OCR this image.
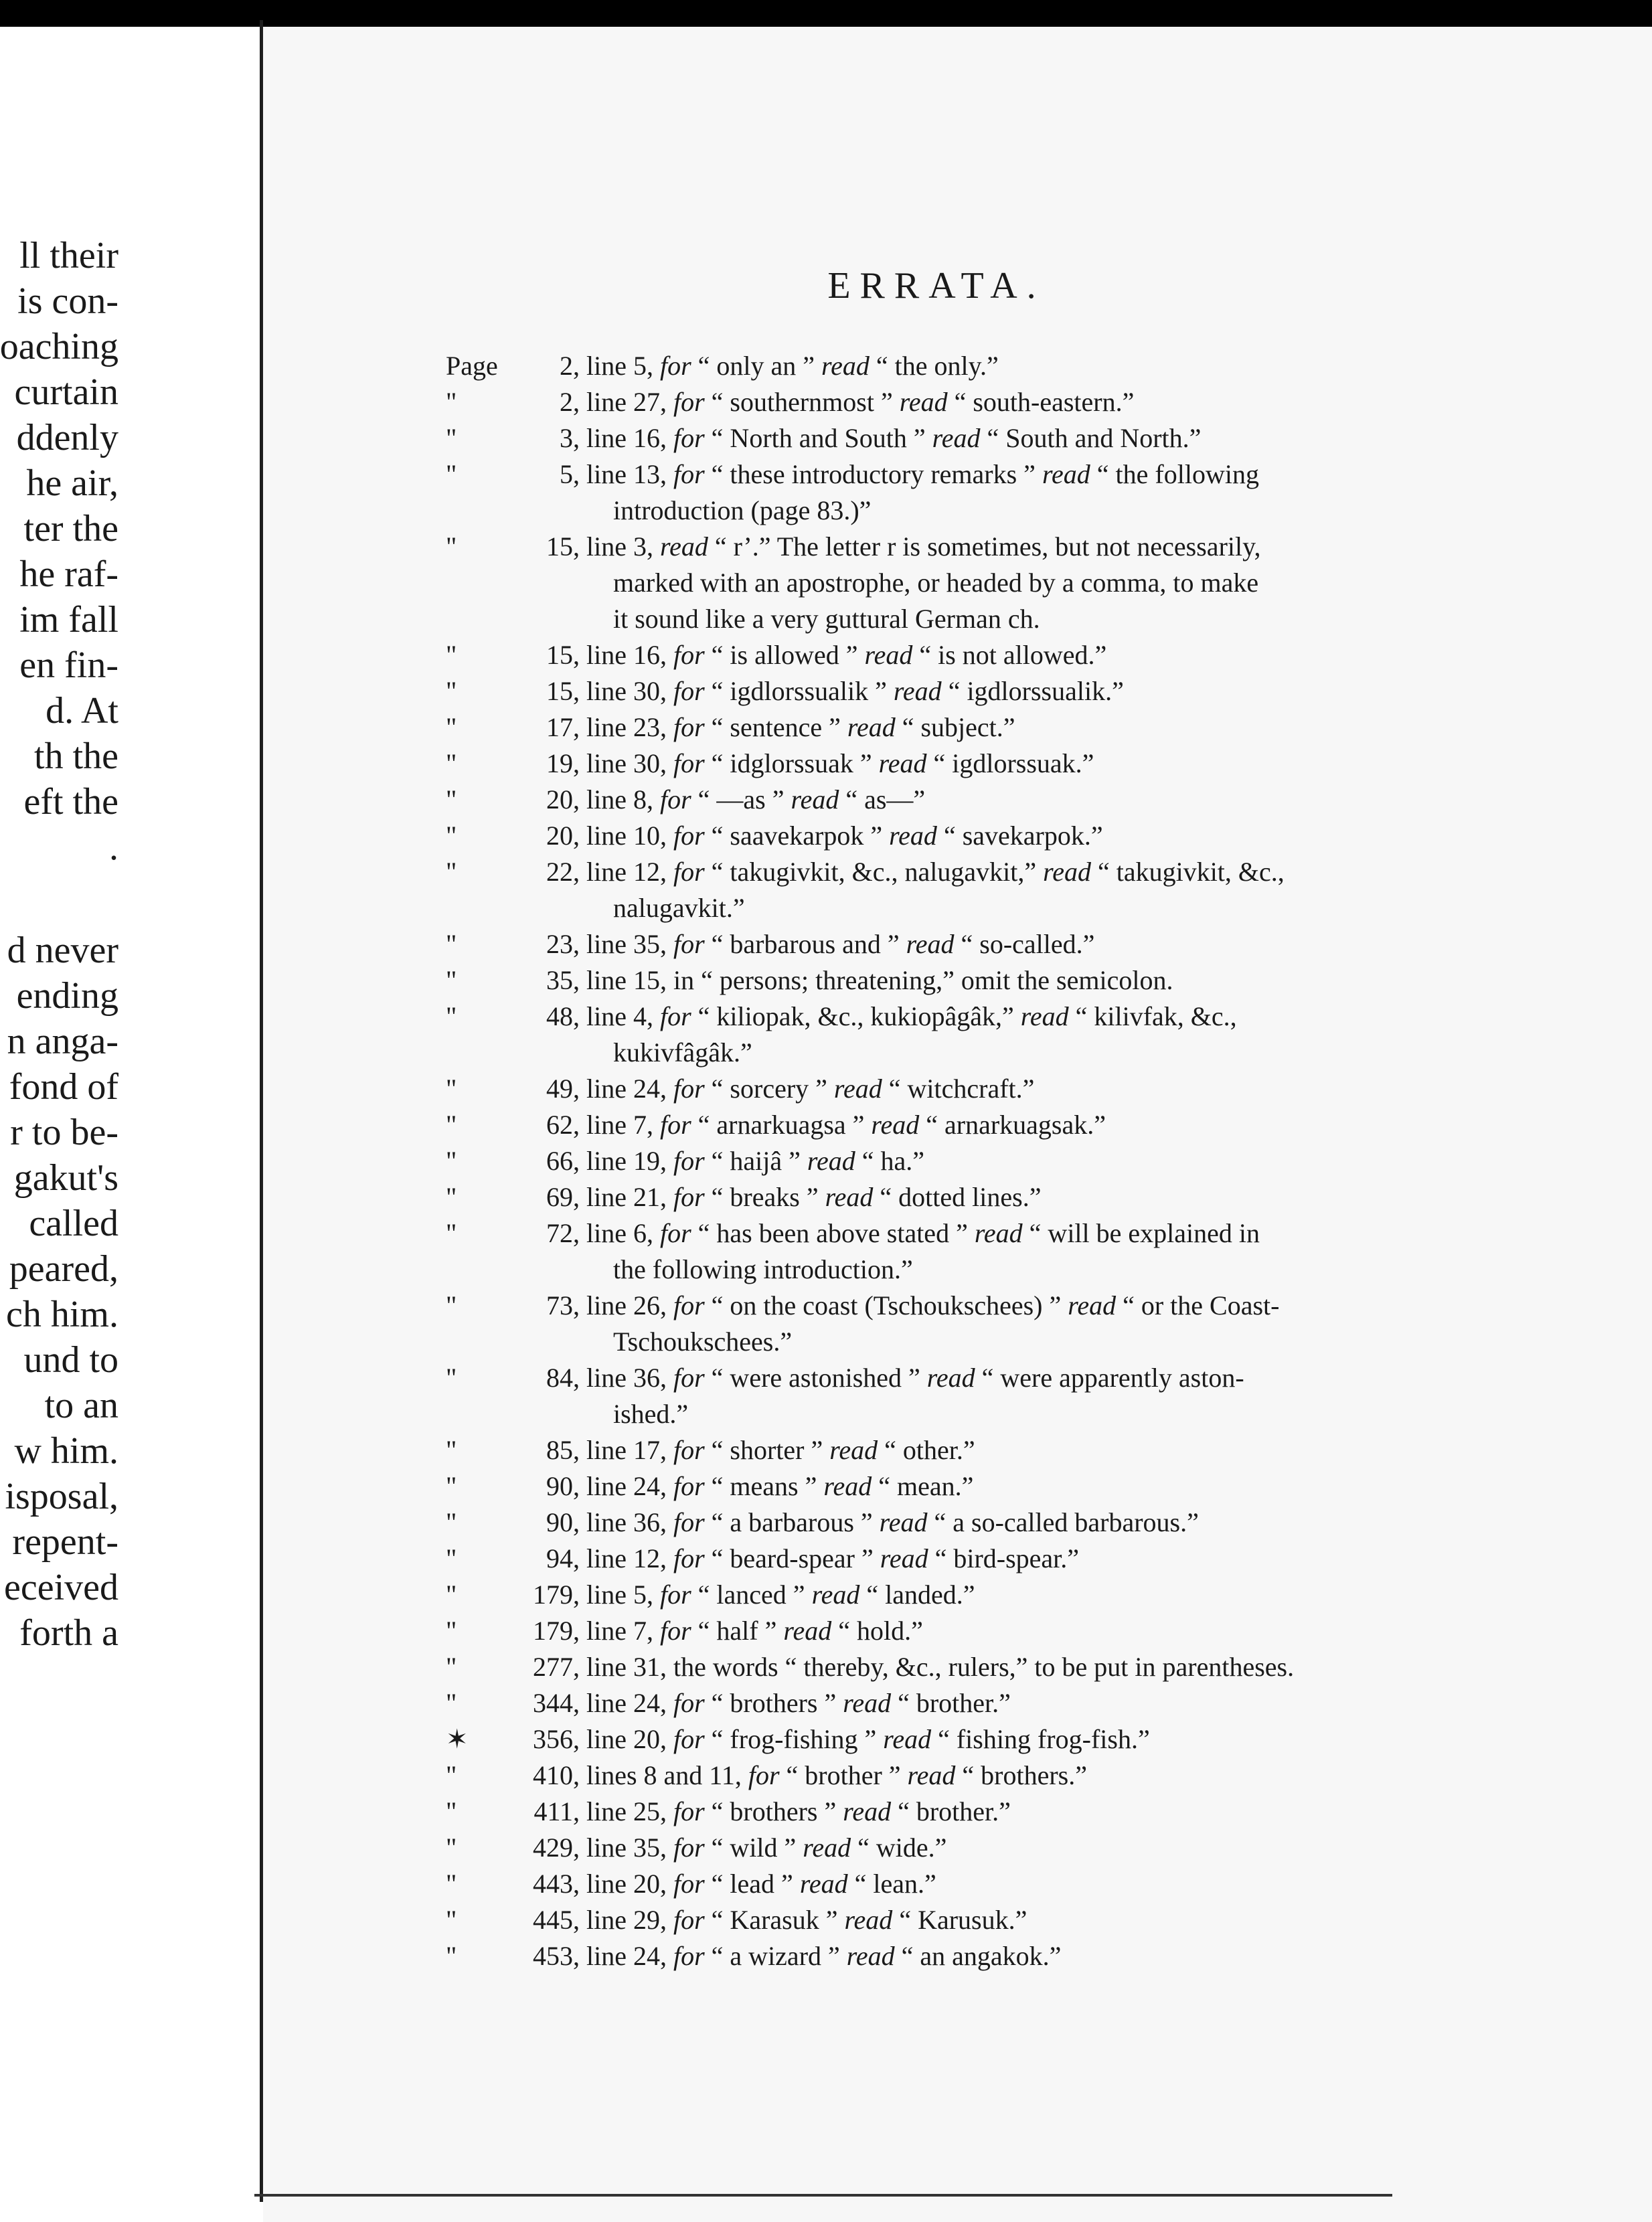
ll their
is con-
oaching
curtain
ddenly
he air,
ter the
he raf-
im fall
en fin-
d. At
th the
eft the
.
d never
ending
n anga-
fond of
r to be-
gakut's
called
peared,
ch him.
und to
to an
w him.
isposal,
repent-
eceived
forth a
ERRATA.
Page	2, line 5, for “ only an ” read “ the only.”
"	2, line 27, for “ southernmost ” read “ south-eastern.”
"	3, line 16, for “ North and South ” read “ South and North.”
"	5, line 13, for “ these introductory remarks ” read “ the following
introduction (page 83.)”
"	15, line 3, read “ r’.” The letter r is sometimes, but not necessarily,
marked with an apostrophe, or headed by a comma, to make
it sound like a very guttural German ch.
"	15, line 16, for “ is allowed ” read “ is not allowed.”
"	15, line 30, for “ igdlorssualik ” read “ igdlorssualik.”
"	17, line 23, for “ sentence ” read “ subject.”
"	19, line 30, for “ idglorssuak ” read “ igdlorssuak.”
"	20, line 8, for “ —as ” read “ as—”
"	20, line 10, for “ saavekarpok ” read “ savekarpok.”
"	22, line 12, for “ takugivkit, &c., nalugavkit,” read “ takugivkit, &c.,
nalugavkit.”
"	23, line 35, for “ barbarous and ” read “ so-called.”
"	35, line 15, in “ persons; threatening,” omit the semicolon.
"	48, line 4, for “ kiliopak, &c., kukiopâgâk,” read “ kilivfak, &c.,
kukivfâgâk.”
"	49, line 24, for “ sorcery ” read “ witchcraft.”
"	62, line 7, for “ arnarkuagsa ” read “ arnarkuagsak.”
"	66, line 19, for “ haijâ ” read “ ha.”
"	69, line 21, for “ breaks ” read “ dotted lines.”
"	72, line 6, for “ has been above stated ” read “ will be explained in
the following introduction.”
"	73, line 26, for “ on the coast (Tschoukschees) ” read “ or the Coast-
Tschoukschees.”
"	84, line 36, for “ were astonished ” read “ were apparently aston-
ished.”
"	85, line 17, for “ shorter ” read “ other.”
"	90, line 24, for “ means ” read “ mean.”
"	90, line 36, for “ a barbarous ” read “ a so-called barbarous.”
"	94, line 12, for “ beard-spear ” read “ bird-spear.”
"	179, line 5, for “ lanced ” read “ landed.”
"	179, line 7, for “ half ” read “ hold.”
"	277, line 31, the words “ thereby, &c., rulers,” to be put in parentheses.
"	344, line 24, for “ brothers ” read “ brother.”
✶	356, line 20, for “ frog-fishing ” read “ fishing frog-fish.”
"	410, lines 8 and 11, for “ brother ” read “ brothers.”
"	411, line 25, for “ brothers ” read “ brother.”
"	429, line 35, for “ wild ” read “ wide.”
"	443, line 20, for “ lead ” read “ lean.”
"	445, line 29, for “ Karasuk ” read “ Karusuk.”
"	453, line 24, for “ a wizard ” read “ an angakok.”
